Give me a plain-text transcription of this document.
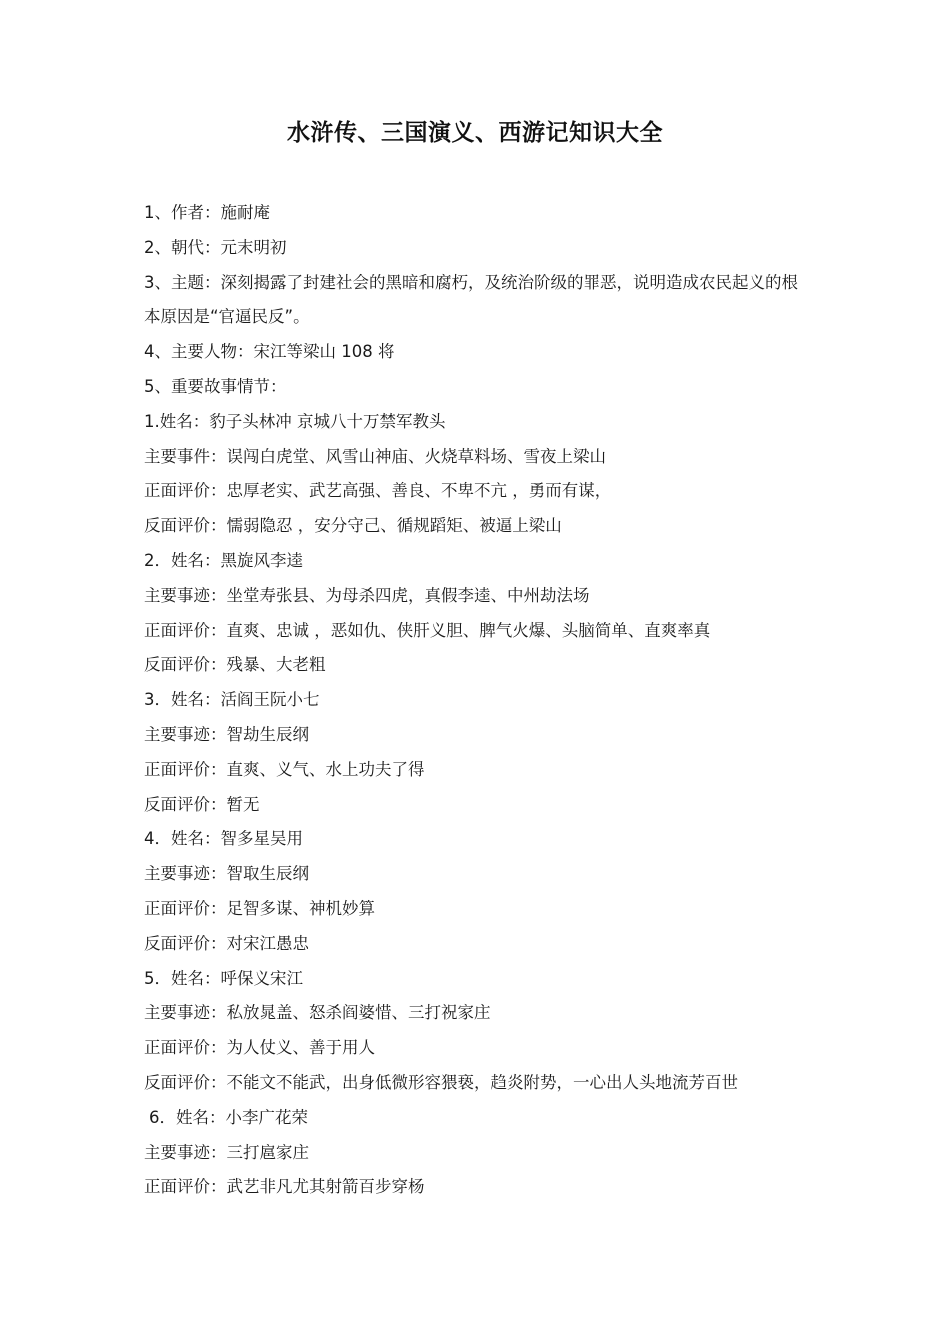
水浒传、三国演义、西游记知识大全
1、作者：施耐庵
2、朝代：元末明初
3、主题：深刻揭露了封建社会的黑暗和腐朽，及统治阶级的罪恶，说明造成农民起义的根本原因是“官逼民反”。
4、主要人物：宋江等梁山 108 将
5、重要故事情节：
1.姓名：豹子头林冲 京城八十万禁军教头
主要事件：误闯白虎堂、风雪山神庙、火烧草料场、雪夜上梁山
正面评价：忠厚老实、武艺高强、善良、不卑不亢 ，勇而有谋，
反面评价：懦弱隐忍 ，安分守己、循规蹈矩、被逼上梁山
2．姓名：黑旋风李逵
主要事迹：坐堂寿张县、为母杀四虎，真假李逵、中州劫法场
正面评价：直爽、忠诚 ，恶如仇、侠肝义胆、脾气火爆、头脑简单、直爽率真
反面评价：残暴、大老粗
3．姓名：活阎王阮小七
主要事迹：智劫生辰纲
正面评价：直爽、义气、水上功夫了得
反面评价：暂无
4．姓名：智多星吴用
主要事迹：智取生辰纲
正面评价：足智多谋、神机妙算
反面评价：对宋江愚忠
5．姓名：呼保义宋江
主要事迹：私放晁盖、怒杀阎婆惜、三打祝家庄
正面评价：为人仗义、善于用人
反面评价：不能文不能武，出身低微形容猥亵，趋炎附势，一心出人头地流芳百世
6．姓名：小李广花荣
主要事迹：三打扈家庄
正面评价：武艺非凡尤其射箭百步穿杨
